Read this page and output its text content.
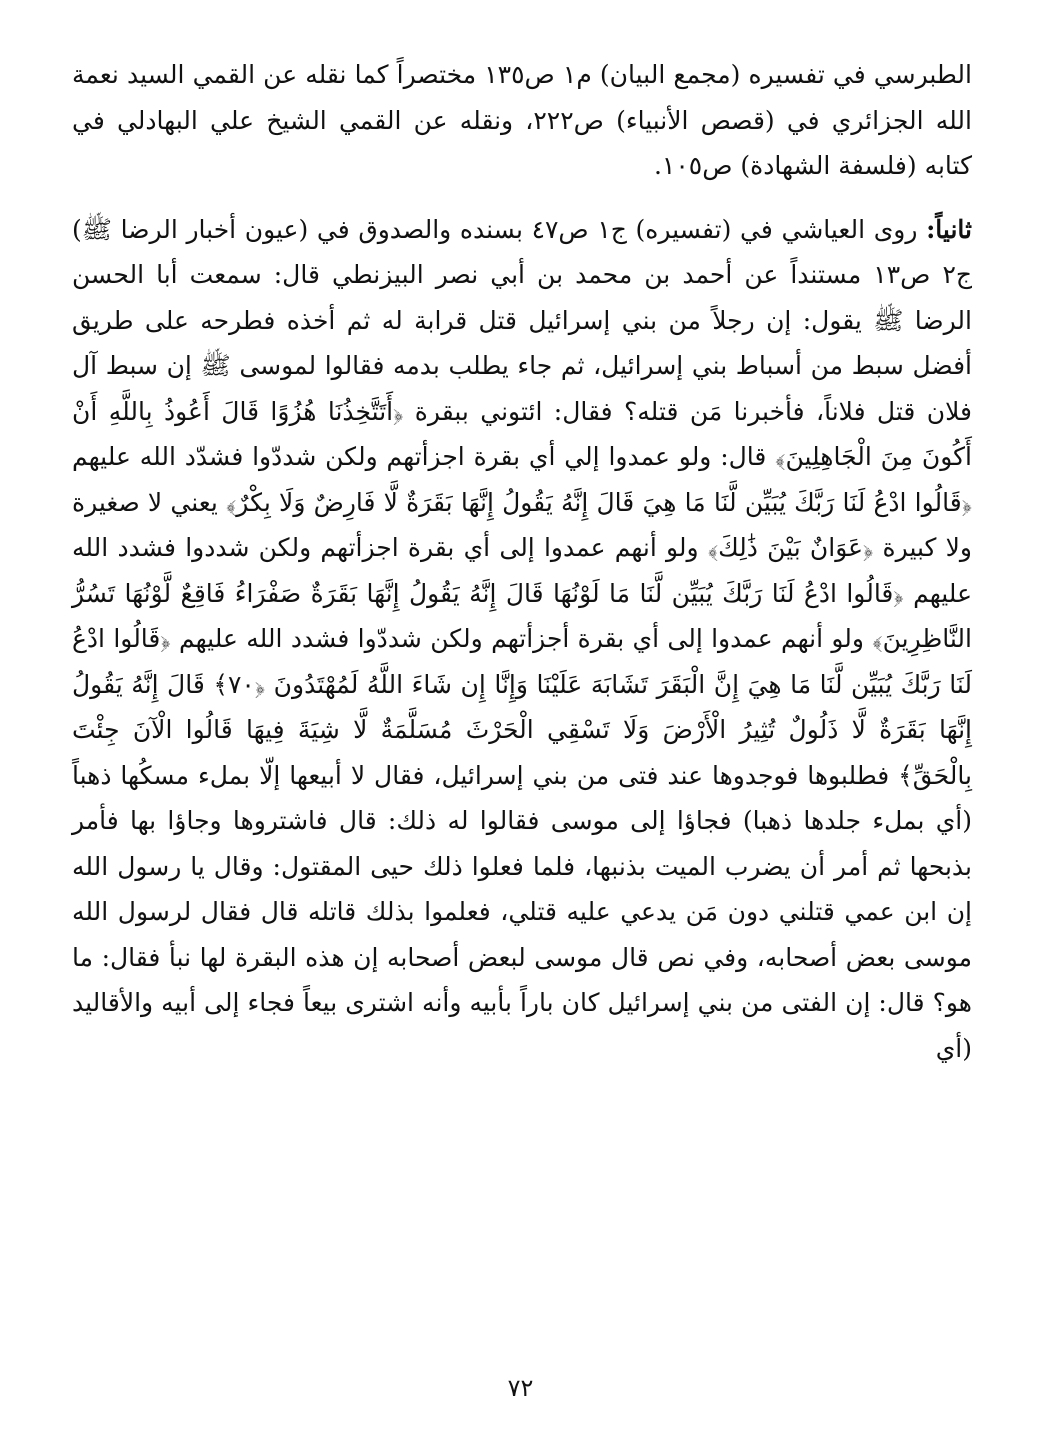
الطبرسي في تفسيره (مجمع البيان) م١ ص١٣٥ مختصراً كما نقله عن القمي السيد نعمة الله الجزائري في (قصص الأنبياء) ص٢٢٢، ونقله عن القمي الشيخ علي البهادلي في كتابه (فلسفة الشهادة) ص١٠٥.

ثانياً: روى العياشي في (تفسيره) ج١ ص٤٧ بسنده والصدوق في (عيون أخبار الرضا ﷺ) ج٢ ص١٣ مستنداً عن أحمد بن محمد بن أبي نصر البيزنطي قال: سمعت أبا الحسن الرضا ﷺ يقول: إن رجلاً من بني إسرائيل قتل قرابة له ثم أخذه فطرحه على طريق أفضل سبط من أسباط بني إسرائيل، ثم جاء يطلب بدمه فقالوا لموسى ﷺ إن سبط آل فلان قتل فلاناً، فأخبرنا مَن قتله؟ فقال: ائتوني ببقرة ﴿أَتَتَّخِذُنَا هُزُوًا قَالَ أَعُوذُ بِاللَّهِ أَنْ أَكُونَ مِنَ الْجَاهِلِينَ﴾ قال: ولو عمدوا إلي أي بقرة اجزأتهم ولكن شددّوا فشدّد الله عليهم ﴿قَالُوا ادْعُ لَنَا رَبَّكَ يُبَيِّن لَّنَا مَا هِيَ قَالَ إِنَّهُ يَقُولُ إِنَّهَا بَقَرَةٌ لَّا فَارِضٌ وَلَا بِكْرٌ﴾ يعني لا صغيرة ولا كبيرة ﴿عَوَانٌ بَيْنَ ذَٰلِكَ﴾ ولو أنهم عمدوا إلى أي بقرة اجزأتهم ولكن شددوا فشدد الله عليهم ﴿قَالُوا ادْعُ لَنَا رَبَّكَ يُبَيِّن لَّنَا مَا لَوْنُهَا قَالَ إِنَّهُ يَقُولُ إِنَّهَا بَقَرَةٌ صَفْرَاءُ فَاقِعٌ لَّوْنُهَا تَسُرُّ النَّاظِرِينَ﴾ ولو أنهم عمدوا إلى أي بقرة أجزأتهم ولكن شددّوا فشدد الله عليهم ﴿قَالُوا ادْعُ لَنَا رَبَّكَ يُبَيِّن لَّنَا مَا هِيَ إِنَّ الْبَقَرَ تَشَابَهَ عَلَيْنَا وَإِنَّا إِن شَاءَ اللَّهُ لَمُهْتَدُونَ ﴿٧٠﴾ قَالَ إِنَّهُ يَقُولُ إِنَّهَا بَقَرَةٌ لَّا ذَلُولٌ تُثِيرُ الْأَرْضَ وَلَا تَسْقِي الْحَرْثَ مُسَلَّمَةٌ لَّا شِيَةَ فِيهَا قَالُوا الْآنَ جِئْتَ بِالْحَقِّ﴾ فطلبوها فوجدوها عند فتى من بني إسرائيل، فقال لا أبيعها إلّا بملء مسكُها ذهباً (أي بملء جلدها ذهبا) فجاؤا إلى موسى فقالوا له ذلك: قال فاشتروها وجاؤا بها فأمر بذبحها ثم أمر أن يضرب الميت بذنبها، فلما فعلوا ذلك حيى المقتول: وقال يا رسول الله إن ابن عمي قتلني دون مَن يدعي عليه قتلي، فعلموا بذلك قاتله قال فقال لرسول الله موسى بعض أصحابه، وفي نص قال موسى لبعض أصحابه إن هذه البقرة لها نبأ فقال: ما هو؟ قال: إن الفتى من بني إسرائيل كان باراً بأبيه وأنه اشترى بيعاً فجاء إلى أبيه والأقاليد (أي

٧٢
